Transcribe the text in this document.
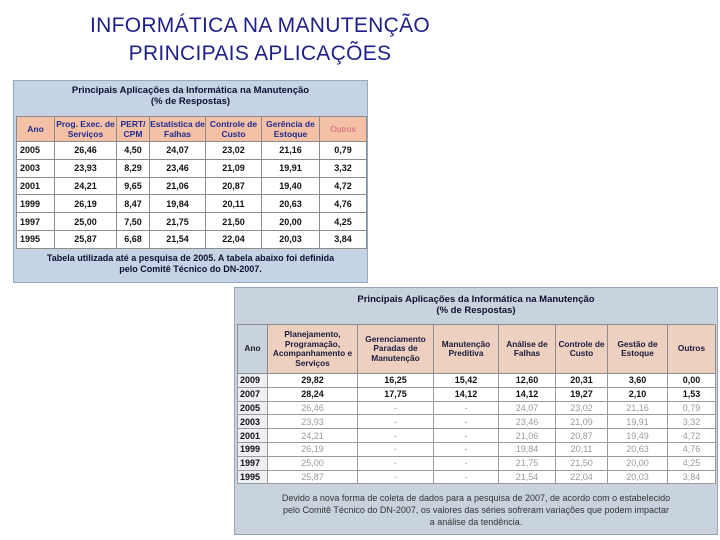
INFORMÁTICA NA MANUTENÇÃO
PRINCIPAIS APLICAÇÕES
Principais Aplicações da Informática na Manutenção
(% de Respostas)
Ano	Prog. Exec. de Serviços	PERT/ CPM	Estatística de Falhas	Controle de Custo	Gerência de Estoque	Outros
2005	26,46	4,50	24,07	23,02	21,16	0,79
2003	23,93	8,29	23,46	21,09	19,91	3,32
2001	24,21	9,65	21,06	20,87	19,40	4,72
1999	26,19	8,47	19,84	20,11	20,63	4,76
1997	25,00	7,50	21,75	21,50	20,00	4,25
1995	25,87	6,68	21,54	22,04	20,03	3,84
Tabela utilizada até a pesquisa de 2005. A tabela abaixo foi definida
pelo Comitê Técnico do DN-2007.
Principais Aplicações da Informática na Manutenção
(% de Respostas)
Ano	Planejamento, Programação, Acompanhamento e Serviços	Gerenciamento Paradas de Manutenção	Manutenção Preditiva	Análise de Falhas	Controle de Custo	Gestão de Estoque	Outros
2009	29,82	16,25	15,42	12,60	20,31	3,60	0,00
2007	28,24	17,75	14,12	14,12	19,27	2,10	1,53
2005	26,46	-	-	24,07	23,02	21,16	0,79
2003	23,93	-	-	23,46	21,09	19,91	3,32
2001	24,21	-	-	21,06	20,87	19,49	4,72
1999	26,19	-	-	19,84	20,11	20,63	4,76
1997	25,00	-	-	21,75	21,50	20,00	4,25
1995	25,87	-	-	21,54	22,04	20,03	3,84
Devido a nova forma de coleta de dados para a pesquisa de 2007, de acordo com o estabelecido
pelo Comitê Técnico do DN-2007, os valores das séries sofreram variações que podem impactar
a análise da tendência.
